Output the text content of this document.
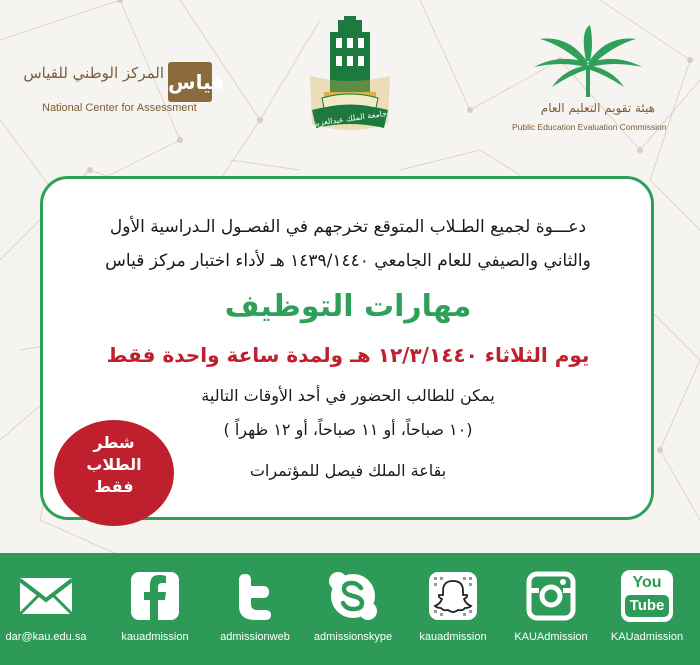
قياس
المركز الوطني للقياس
National Center for Assessment
جامعة الملك عبدالعزيز
هيئة تقويم التعليم العام
Public Education Evaluation Commission
دعـــوة لجميع الطـلاب المتوقع تخرجهم في الفصـول الـدراسية الأول
والثاني والصيفي للعام الجامعي ١٤٣٩/١٤٤٠ هـ لأداء اختبار مركز قياس
مهارات التوظيف
يوم الثلاثاء ١٢/٣/١٤٤٠ هـ ولمدة ساعة واحدة فقط
يمكن للطالب الحضور في أحد الأوقات التالية
(١٠ صباحاً، أو ١١ صباحاً، أو ١٢ ظهراً )
بقاعة الملك فيصل للمؤتمرات
شطر
الطلاب
فقط
dar@kau.edu.sa	kauadmission	admissionweb	admissionskype	kauadmission	KAUAdmission
You
Tube
KAUadmission
